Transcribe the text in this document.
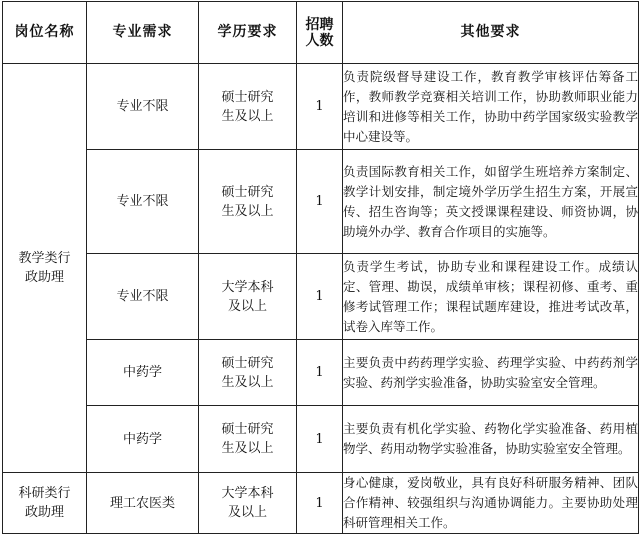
岗位名称	专业需求	学历要求	招聘人数	其他要求
教学类行政助理	专业不限	硕士研究生及以上	1	负责院级督导建设工作，教育教学审核评估筹备工作，教师教学竞赛相关培训工作，协助教师职业能力培训和进修等相关工作，协助中药学国家级实验教学中心建设等。
	专业不限	硕士研究生及以上	1	负责国际教育相关工作，如留学生班培养方案制定、教学计划安排，制定境外学历学生招生方案，开展宣传、招生咨询等；英文授课课程建设、师资协调，协助境外办学、教育合作项目的实施等。
	专业不限	大学本科及以上	1	负责学生考试，协助专业和课程建设工作。成绩认定、管理、勘误，成绩单审核；课程初修、重考、重修考试管理工作；课程试题库建设，推进考试改革，试卷入库等工作。
	中药学	硕士研究生及以上	1	主要负责中药药理学实验、药理学实验、中药药剂学实验、药剂学实验准备，协助实验室安全管理。
	中药学	硕士研究生及以上	1	主要负责有机化学实验、药物化学实验准备、药用植物学、药用动物学实验准备，协助实验室安全管理。
科研类行政助理	理工农医类	大学本科及以上	1	身心健康，爱岗敬业，具有良好科研服务精神、团队合作精神、较强组织与沟通协调能力。主要协助处理科研管理相关工作。
